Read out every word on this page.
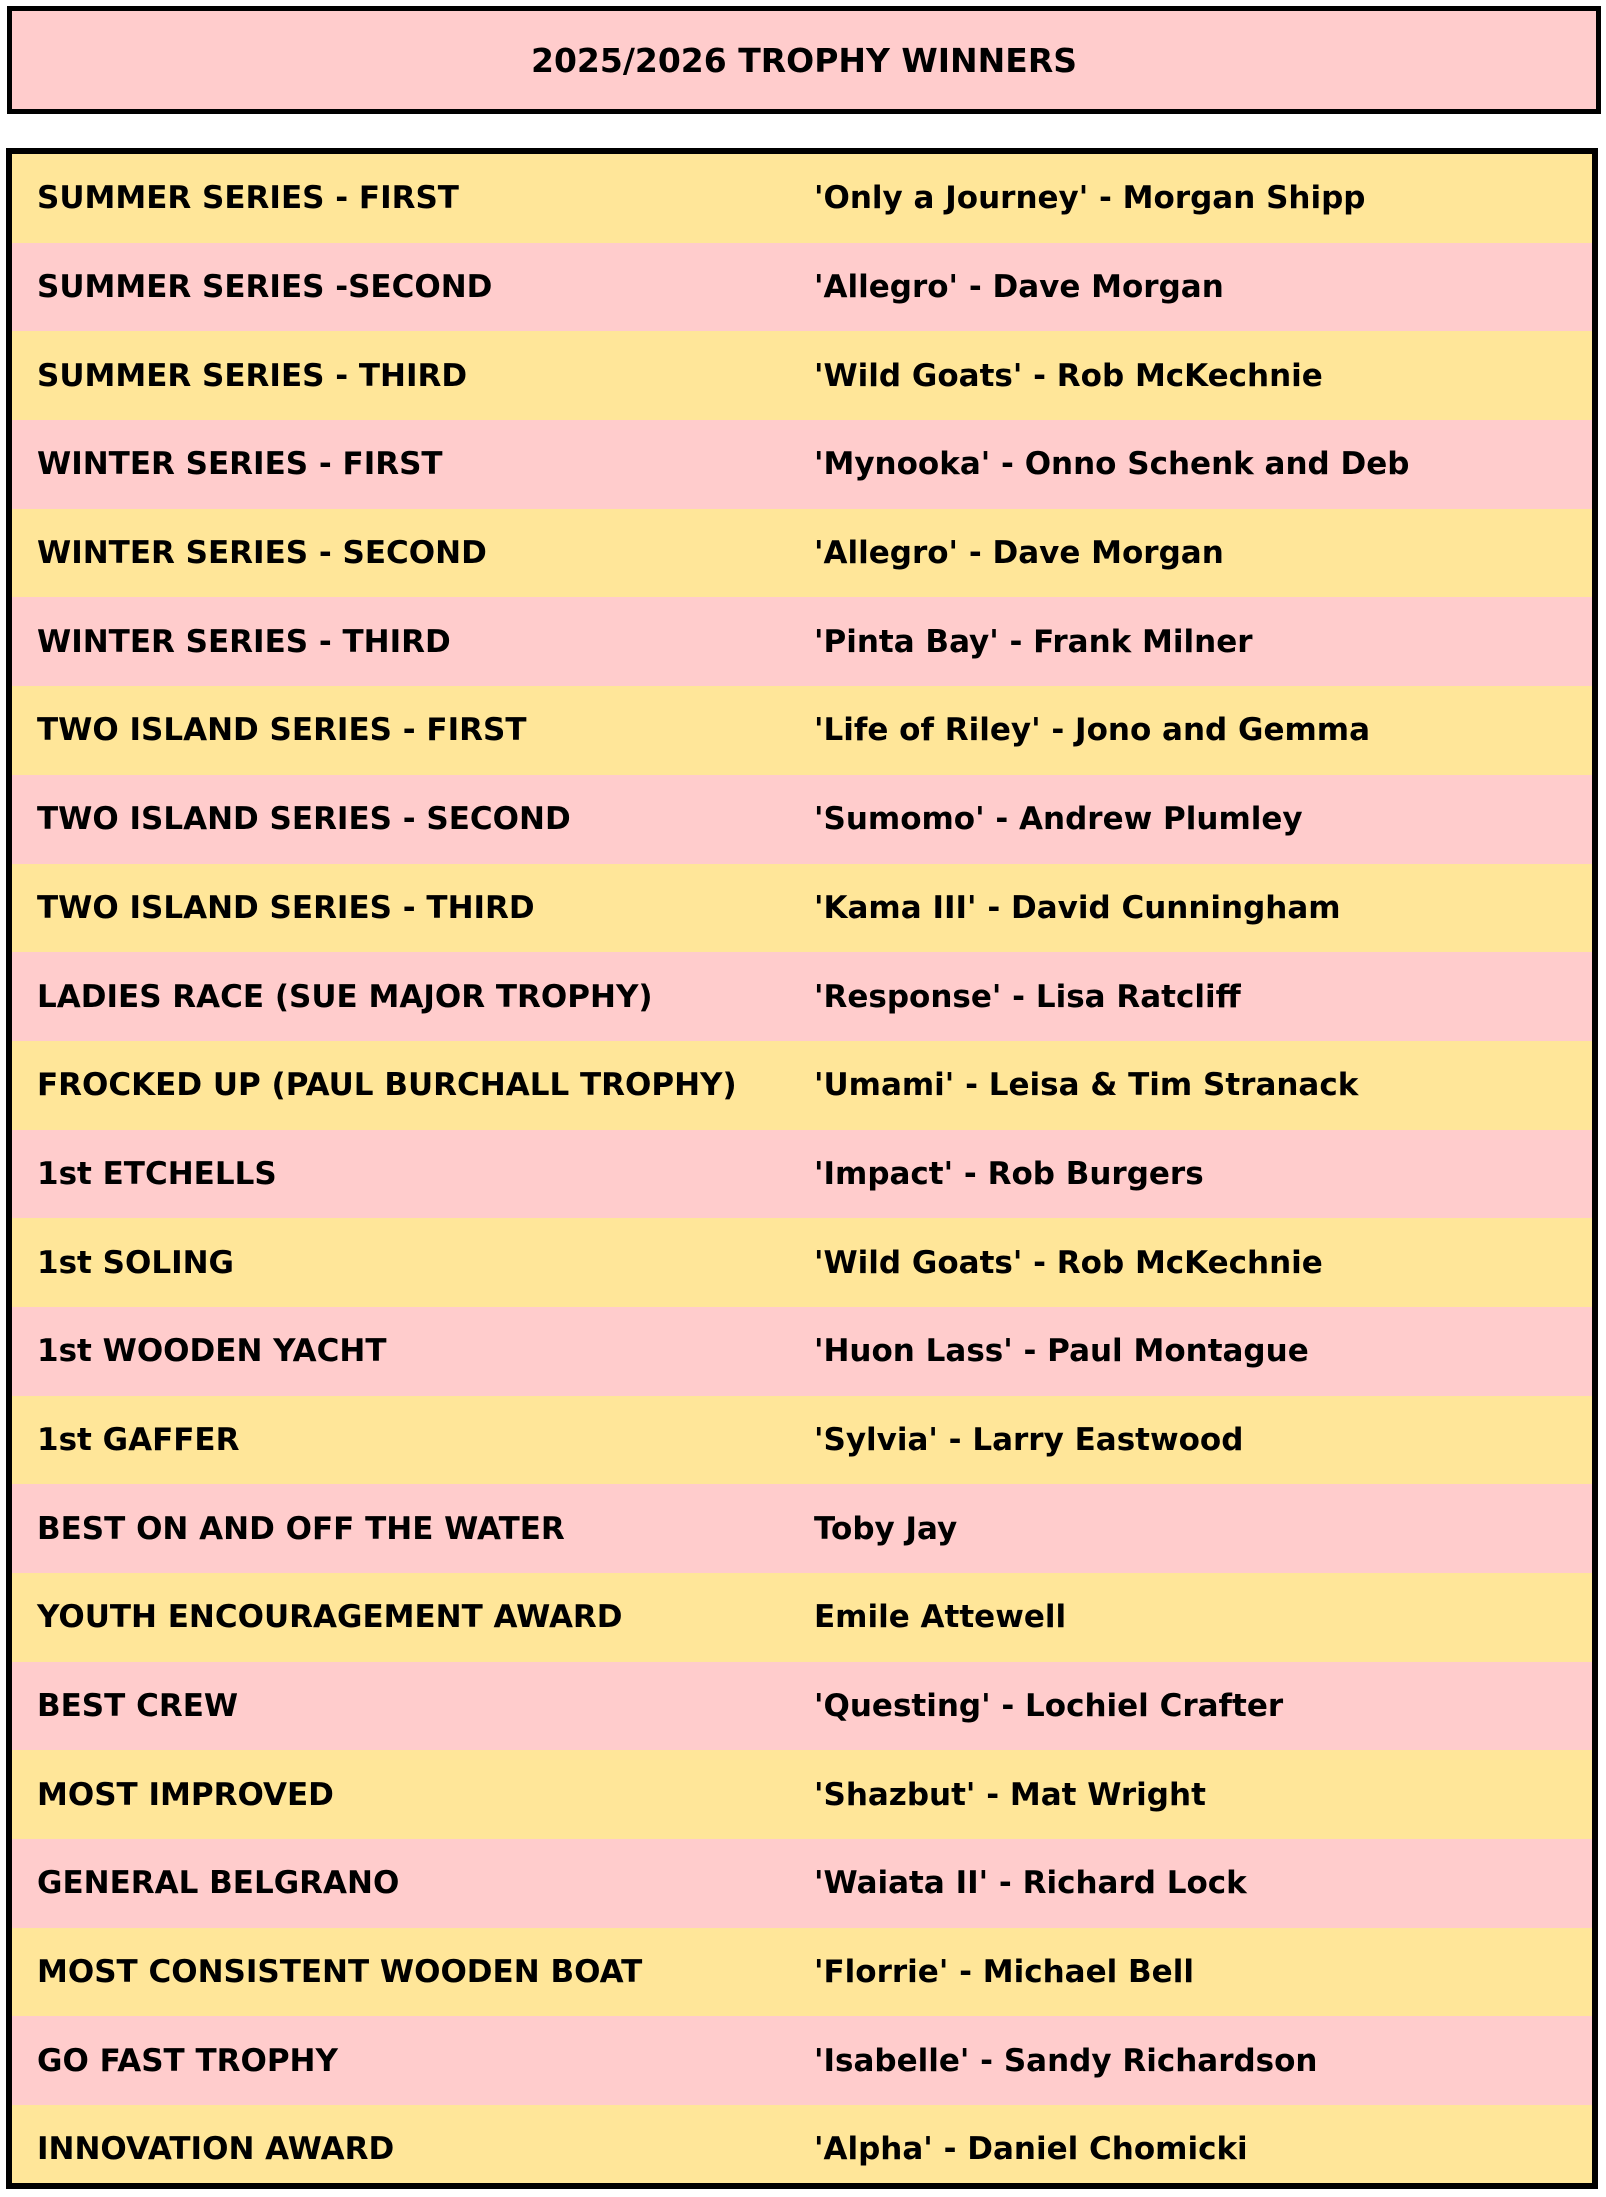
2025/2026 TROPHY WINNERS
SUMMER SERIES - FIRST	'Only a Journey' - Morgan Shipp
SUMMER SERIES -SECOND	'Allegro' - Dave Morgan
SUMMER SERIES - THIRD	'Wild Goats' - Rob McKechnie
WINTER SERIES - FIRST	'Mynooka' - Onno Schenk and Deb
WINTER SERIES - SECOND	'Allegro' - Dave Morgan
WINTER SERIES - THIRD	'Pinta Bay' - Frank Milner
TWO ISLAND SERIES - FIRST	'Life of Riley' - Jono and Gemma
TWO ISLAND SERIES - SECOND	'Sumomo' - Andrew Plumley
TWO ISLAND SERIES - THIRD	'Kama III' - David Cunningham
LADIES RACE (SUE MAJOR TROPHY)	'Response' - Lisa Ratcliff
FROCKED UP (PAUL BURCHALL TROPHY) 'Umami' - Leisa & Tim Stranack
1st ETCHELLS	'Impact' - Rob Burgers
1st SOLING	'Wild Goats' - Rob McKechnie
1st WOODEN YACHT	'Huon Lass' - Paul Montague
1st GAFFER	'Sylvia' - Larry Eastwood
BEST ON AND OFF THE WATER	Toby Jay
YOUTH ENCOURAGEMENT AWARD	Emile Attewell
BEST CREW	'Questing' - Lochiel Crafter
MOST IMPROVED	'Shazbut' - Mat Wright
GENERAL BELGRANO	'Waiata II' - Richard Lock
MOST CONSISTENT WOODEN BOAT	'Florrie' - Michael Bell
GO FAST TROPHY	'Isabelle' - Sandy Richardson
INNOVATION AWARD	'Alpha' - Daniel Chomicki
